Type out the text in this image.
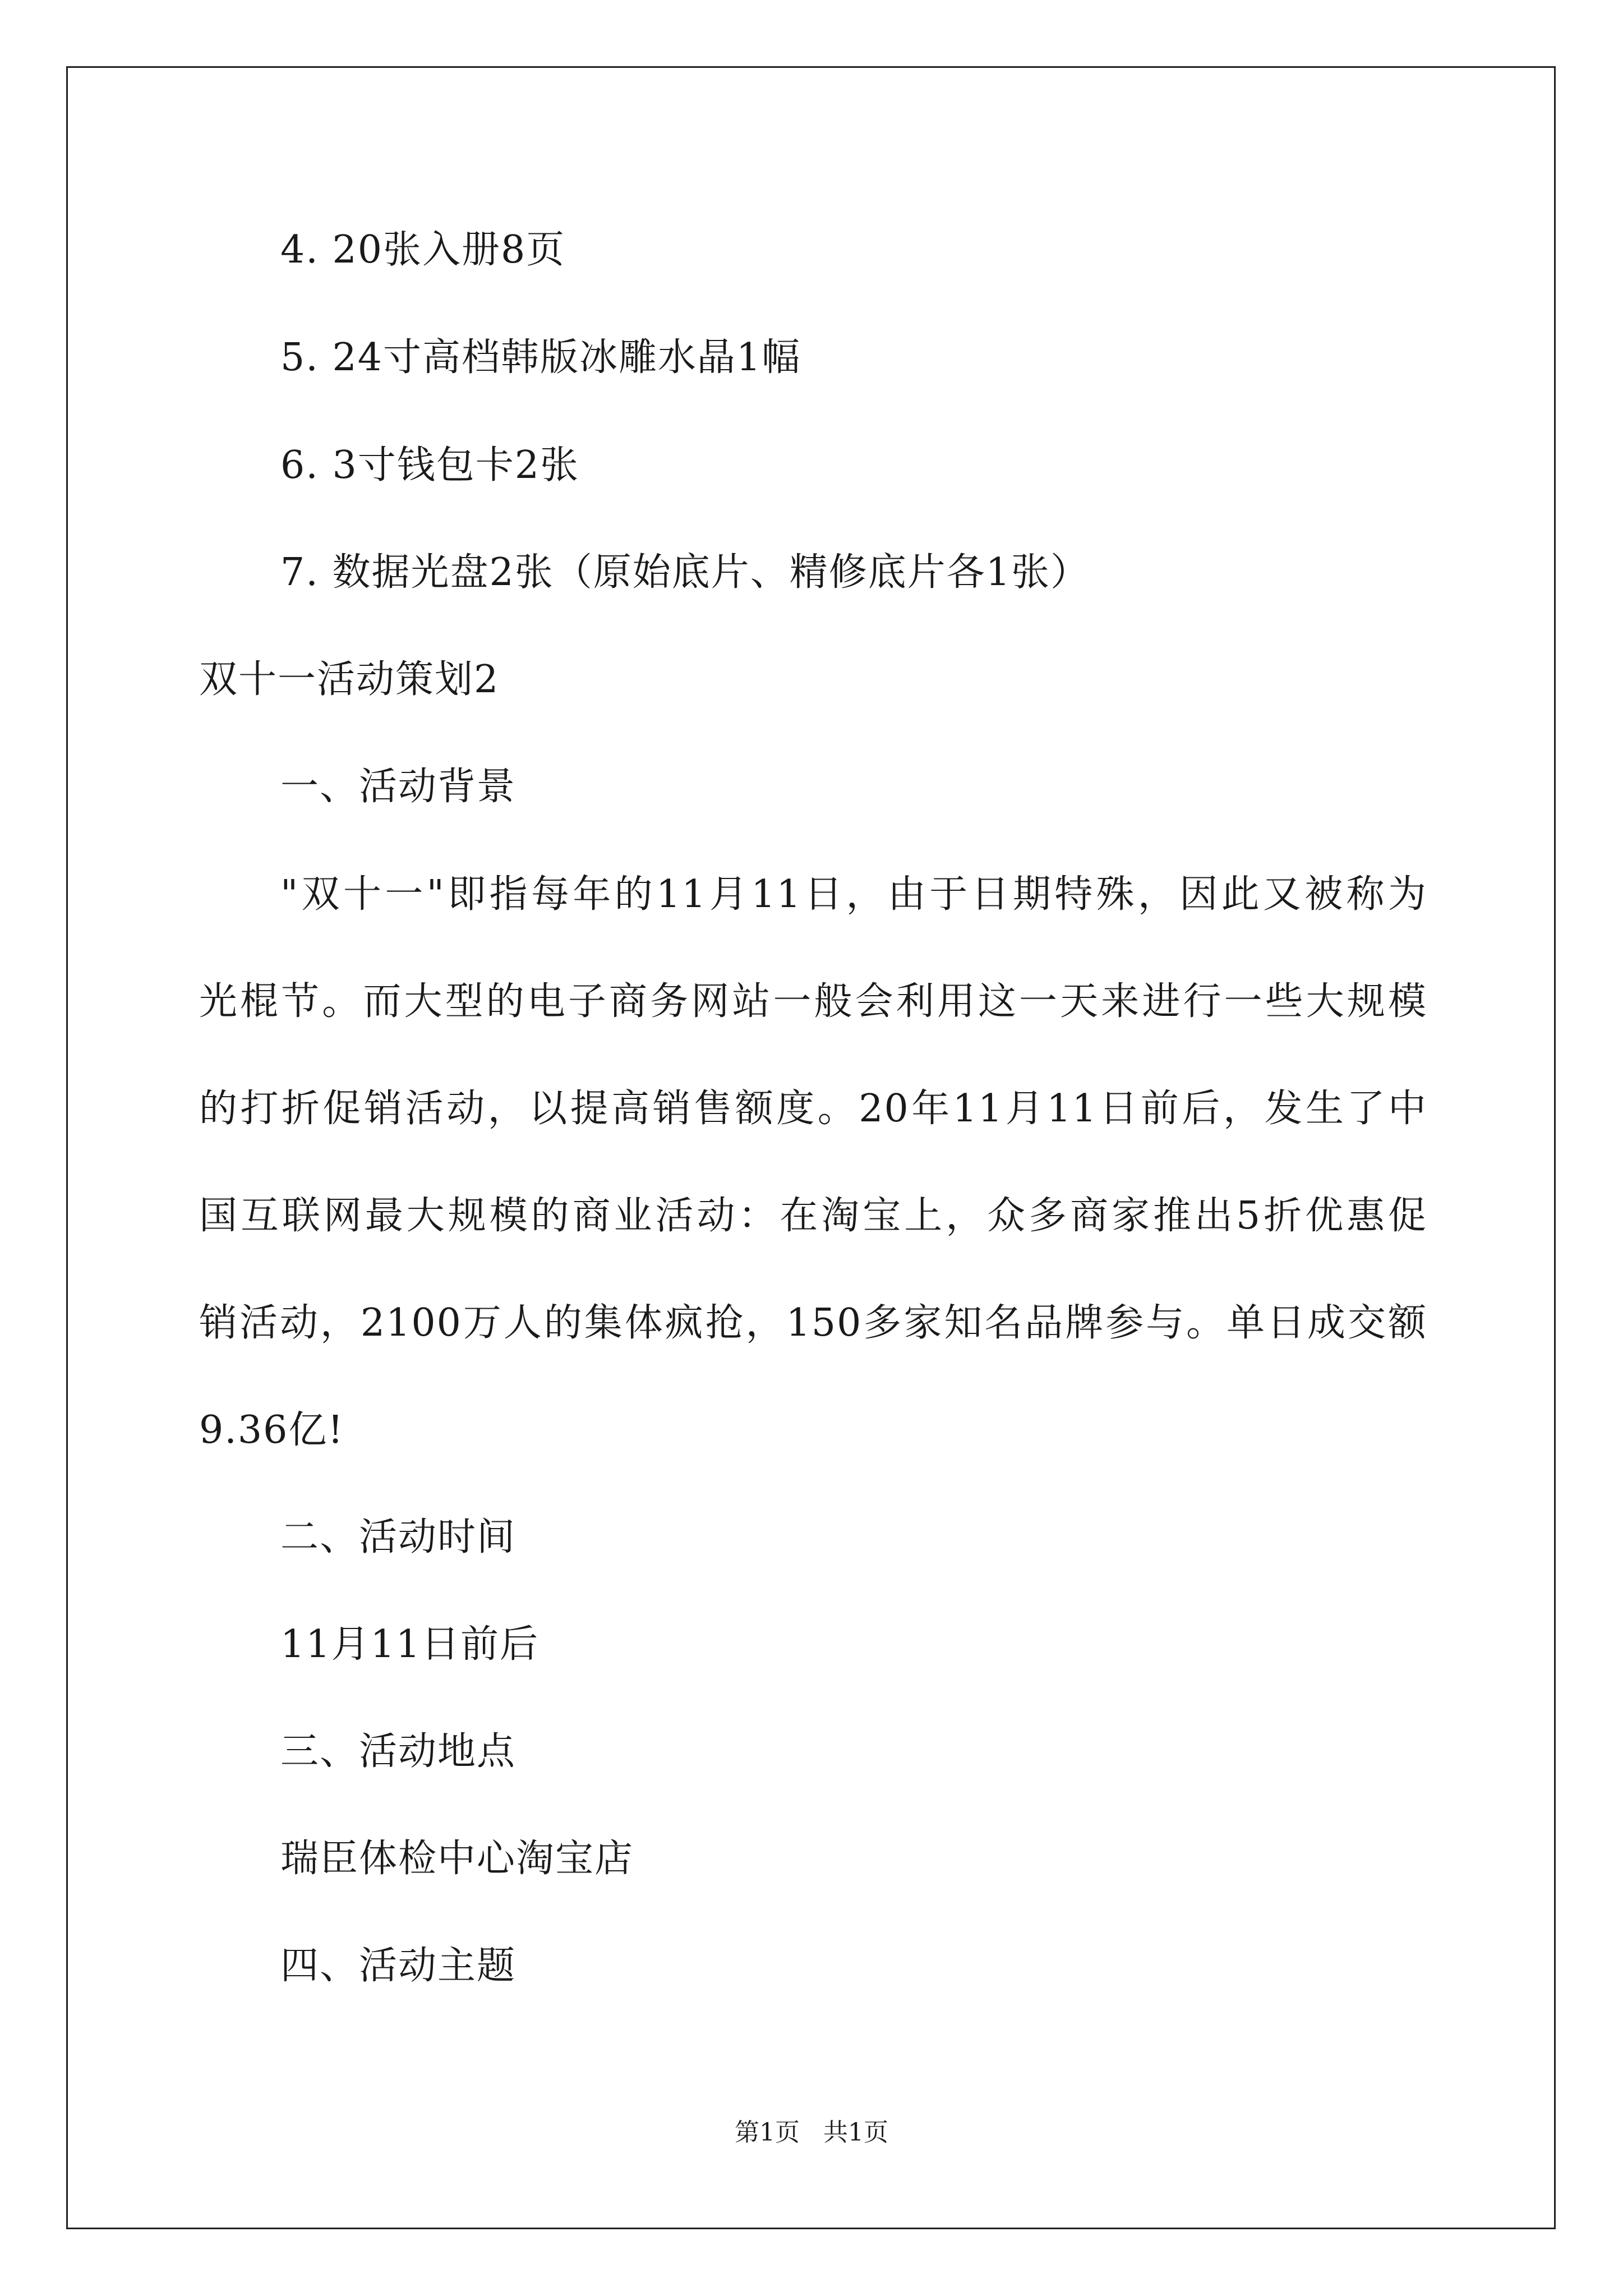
4. 20张入册8页
5. 24寸高档韩版冰雕水晶1幅
6. 3寸钱包卡2张
7. 数据光盘2张（原始底片、精修底片各1张）
双十一活动策划2
一、活动背景
"双十一"即指每年的11月11日，由于日期特殊，因此又被称为
光棍节。而大型的电子商务网站一般会利用这一天来进行一些大规模
的打折促销活动，以提高销售额度。20年11月11日前后，发生了中
国互联网最大规模的商业活动：在淘宝上，众多商家推出5折优惠促
销活动，2100万人的集体疯抢，150多家知名品牌参与。单日成交额
9.36亿!
二、活动时间
11月11日前后
三、活动地点
瑞臣体检中心淘宝店
四、活动主题
第1页   共1页
